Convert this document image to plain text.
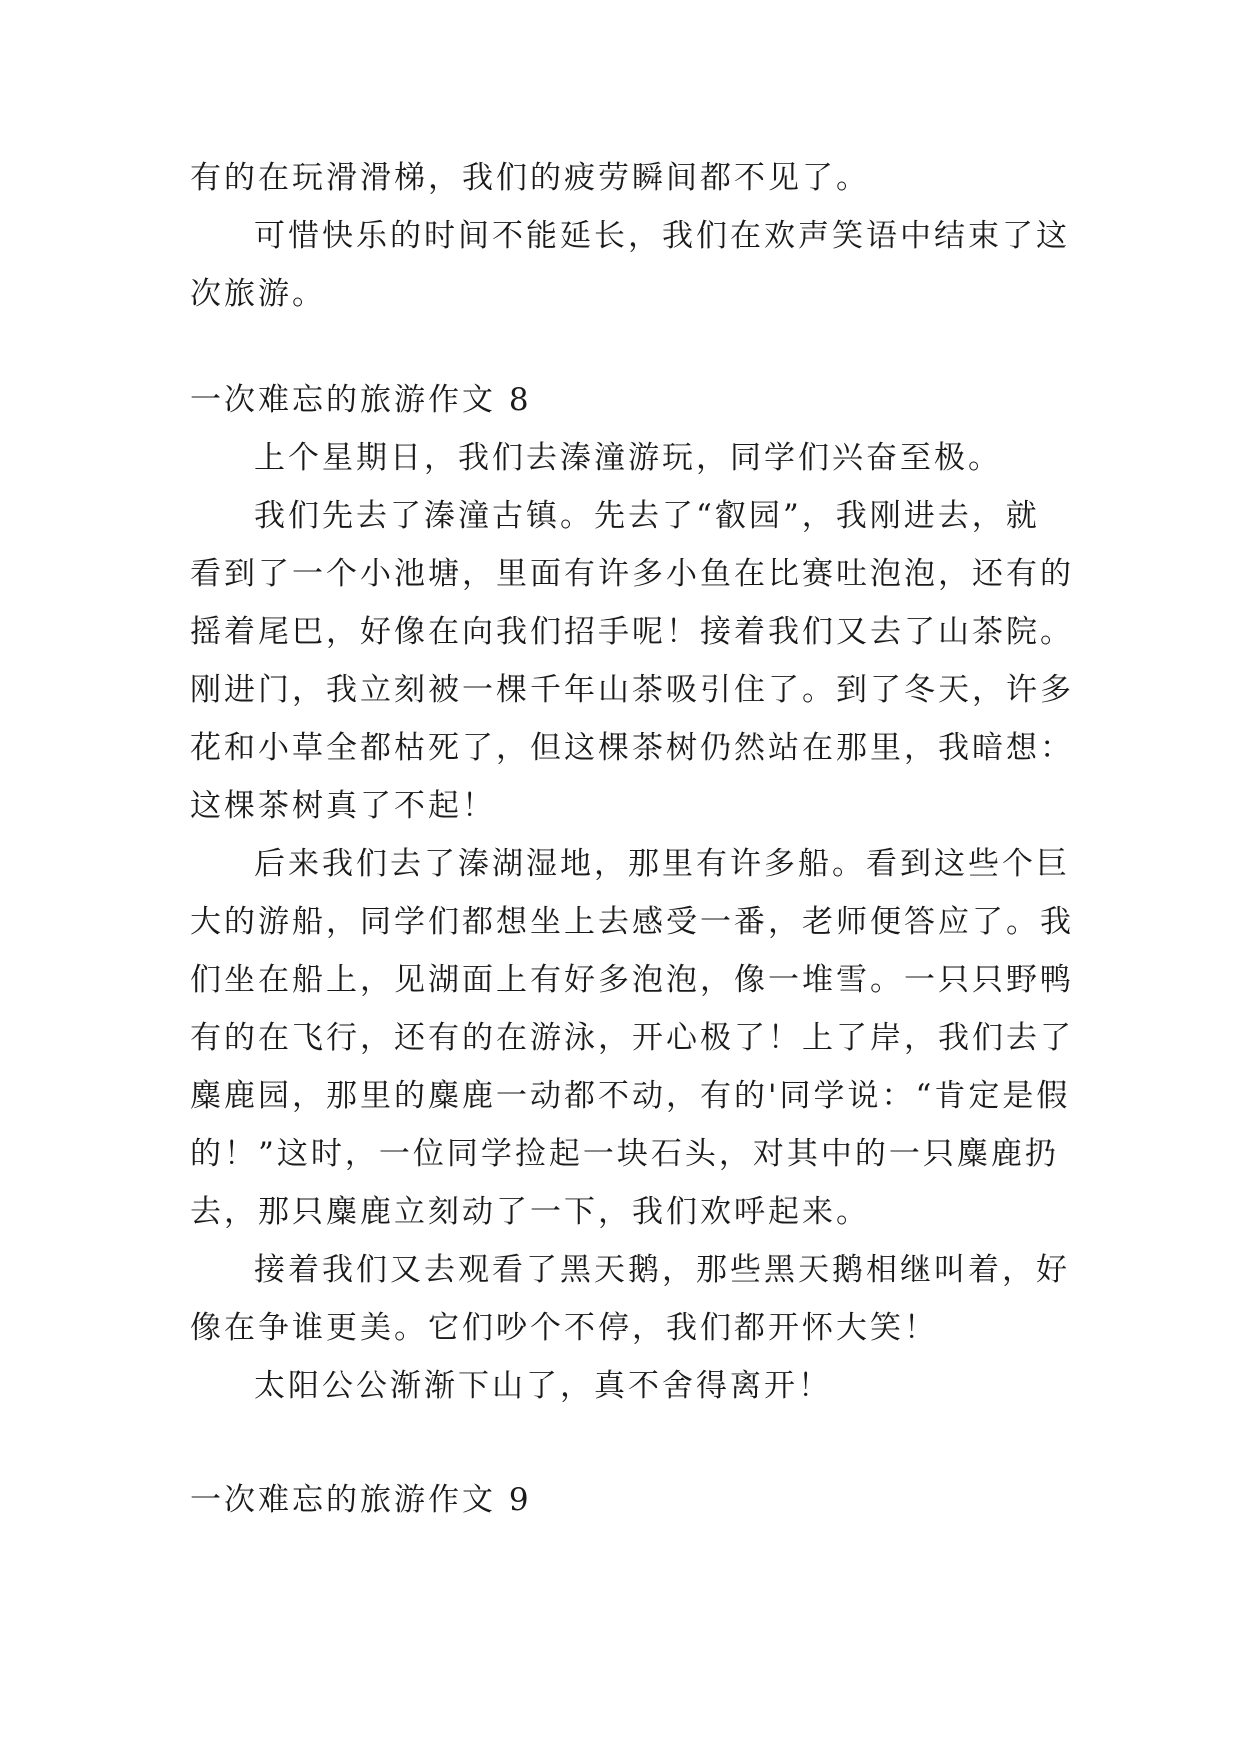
有的在玩滑滑梯，我们的疲劳瞬间都不见了。
可惜快乐的时间不能延长，我们在欢声笑语中结束了这
次旅游。
一次难忘的旅游作文 8
上个星期日，我们去溱潼游玩，同学们兴奋至极。
我们先去了溱潼古镇。先去了“叡园”，我刚进去，就
看到了一个小池塘，里面有许多小鱼在比赛吐泡泡，还有的
摇着尾巴，好像在向我们招手呢！接着我们又去了山茶院。
刚进门，我立刻被一棵千年山茶吸引住了。到了冬天，许多
花和小草全都枯死了，但这棵茶树仍然站在那里，我暗想：
这棵茶树真了不起！
后来我们去了溱湖湿地，那里有许多船。看到这些个巨
大的游船，同学们都想坐上去感受一番，老师便答应了。我
们坐在船上，见湖面上有好多泡泡，像一堆雪。一只只野鸭
有的在飞行，还有的在游泳，开心极了！上了岸，我们去了
麋鹿园，那里的麋鹿一动都不动，有的'同学说：“肯定是假
的！”这时，一位同学捡起一块石头，对其中的一只麋鹿扔
去，那只麋鹿立刻动了一下，我们欢呼起来。
接着我们又去观看了黑天鹅，那些黑天鹅相继叫着，好
像在争谁更美。它们吵个不停，我们都开怀大笑！
太阳公公渐渐下山了，真不舍得离开！
一次难忘的旅游作文 9
